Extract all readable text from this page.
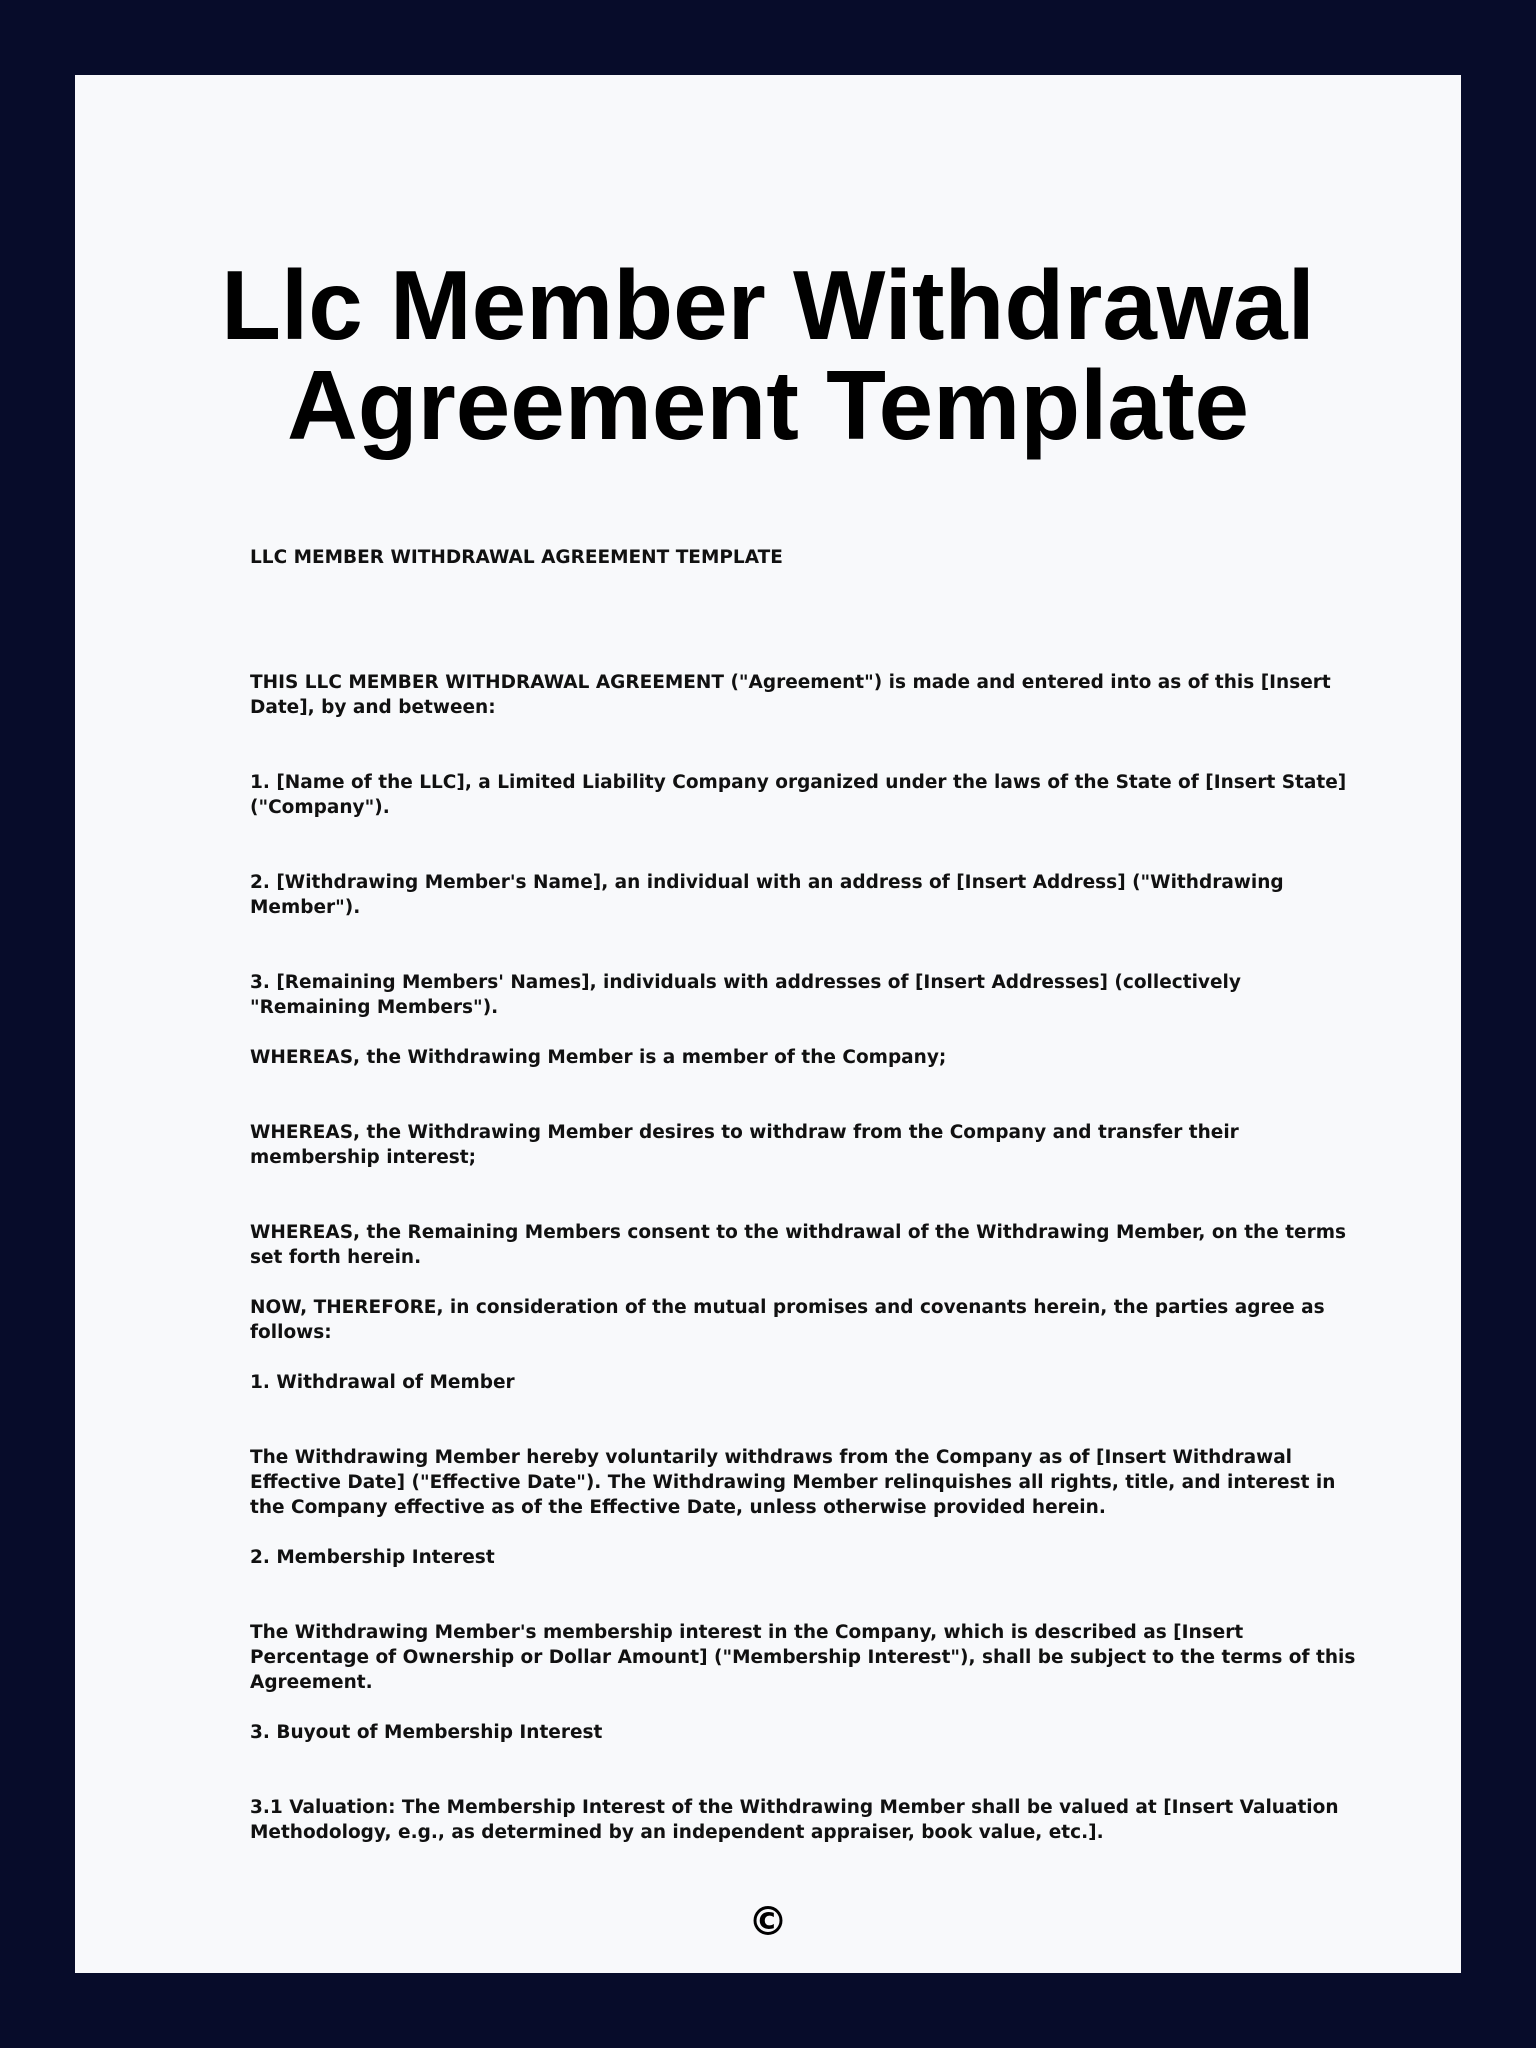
Llc Member Withdrawal
Agreement Template

LLC MEMBER WITHDRAWAL AGREEMENT TEMPLATE

THIS LLC MEMBER WITHDRAWAL AGREEMENT ("Agreement") is made and entered into as of this [Insert Date], by and between:

1. [Name of the LLC], a Limited Liability Company organized under the laws of the State of [Insert State] ("Company").

2. [Withdrawing Member's Name], an individual with an address of [Insert Address] ("Withdrawing Member").

3. [Remaining Members' Names], individuals with addresses of [Insert Addresses] (collectively "Remaining Members").

WHEREAS, the Withdrawing Member is a member of the Company;

WHEREAS, the Withdrawing Member desires to withdraw from the Company and transfer their membership interest;

WHEREAS, the Remaining Members consent to the withdrawal of the Withdrawing Member, on the terms set forth herein.

NOW, THEREFORE, in consideration of the mutual promises and covenants herein, the parties agree as follows:

1. Withdrawal of Member

The Withdrawing Member hereby voluntarily withdraws from the Company as of [Insert Withdrawal Effective Date] ("Effective Date"). The Withdrawing Member relinquishes all rights, title, and interest in the Company effective as of the Effective Date, unless otherwise provided herein.

2. Membership Interest

The Withdrawing Member's membership interest in the Company, which is described as [Insert Percentage of Ownership or Dollar Amount] ("Membership Interest"), shall be subject to the terms of this Agreement.

3. Buyout of Membership Interest

3.1 Valuation: The Membership Interest of the Withdrawing Member shall be valued at [Insert Valuation Methodology, e.g., as determined by an independent appraiser, book value, etc.].

©
